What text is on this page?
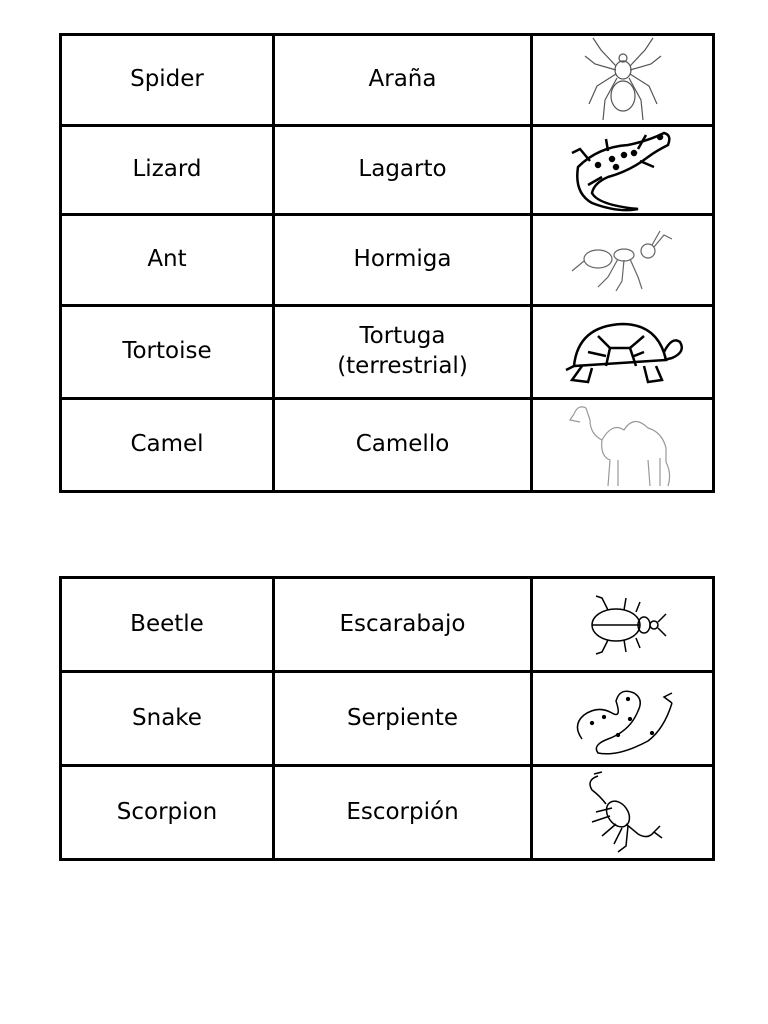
Spider	Araña	

Lizard	Lagarto	

Ant	Hormiga	

Tortoise	Tortuga
(terrestrial)

Camel	Camello	
Beetle	Escarabajo	

Snake	Serpiente	

Scorpion	Escorpión	
